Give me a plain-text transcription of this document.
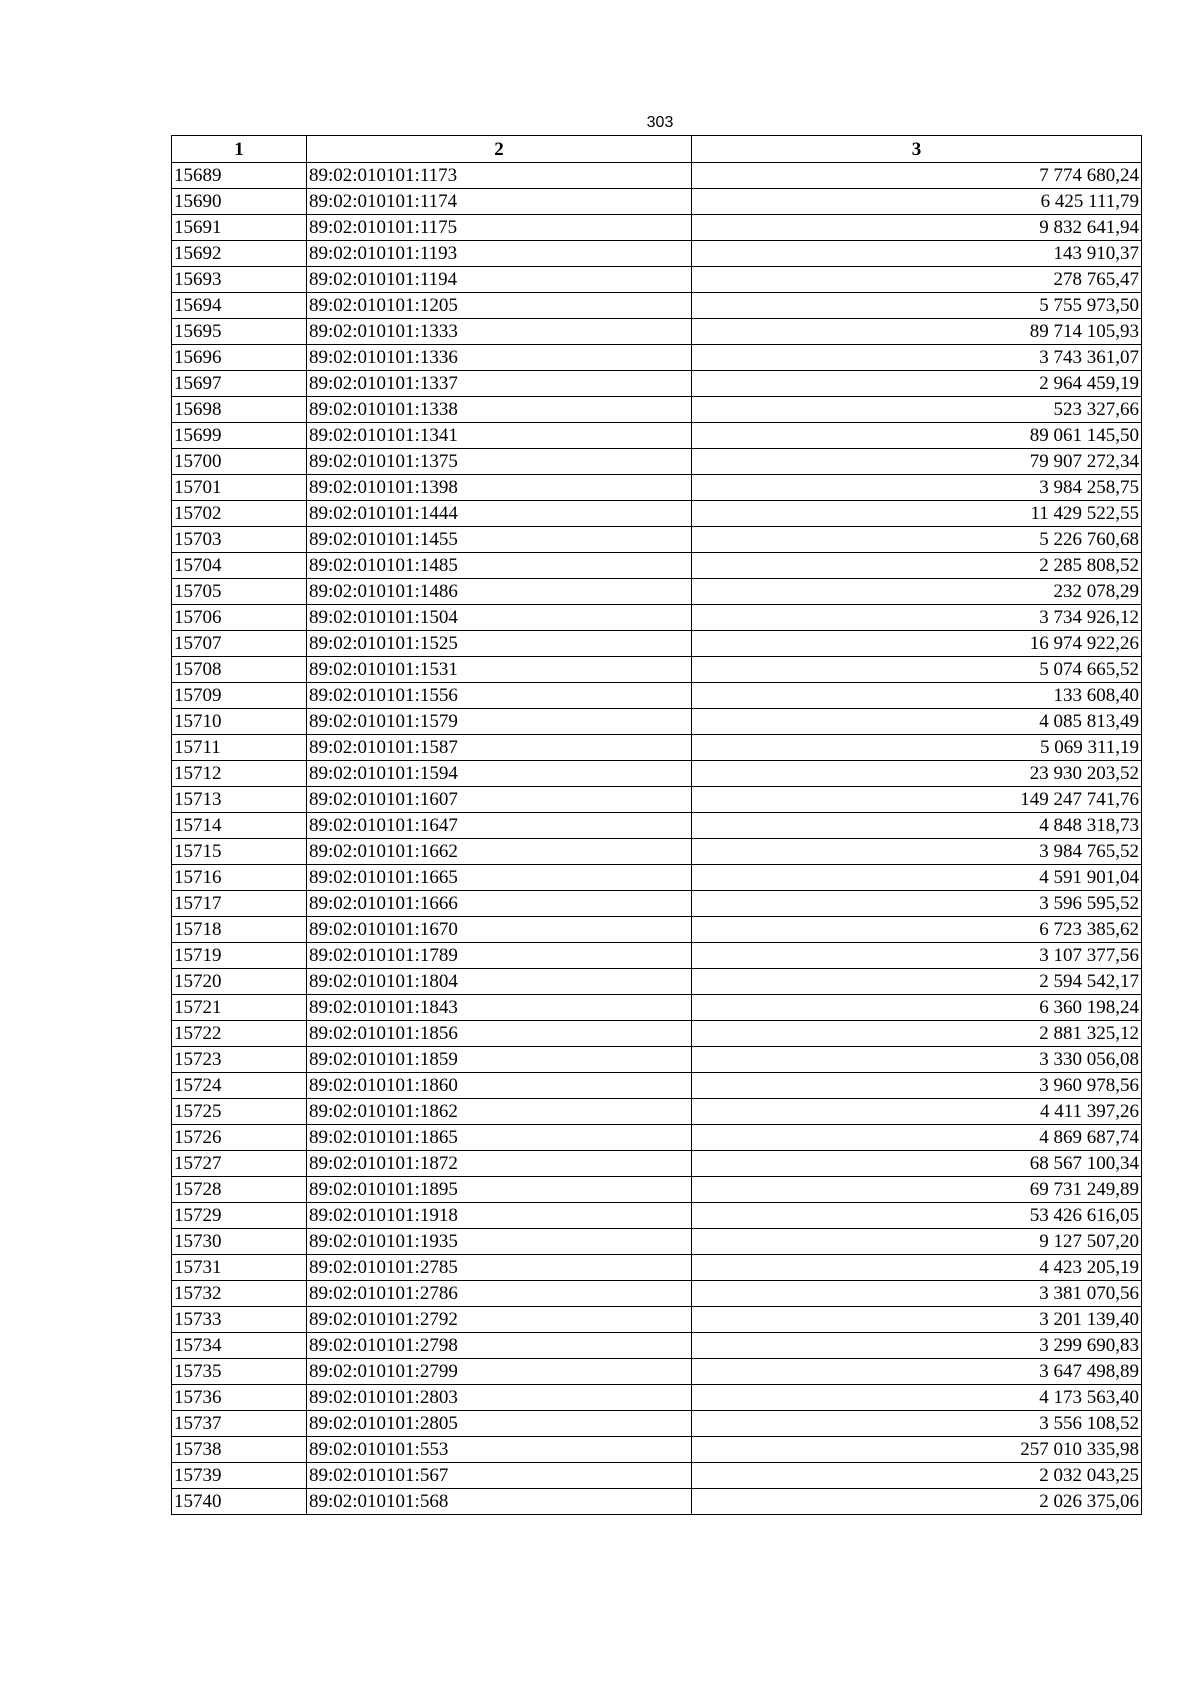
303
1	2	3
15689	89:02:010101:1173	7 774 680,24
15690	89:02:010101:1174	6 425 111,79
15691	89:02:010101:1175	9 832 641,94
15692	89:02:010101:1193	143 910,37
15693	89:02:010101:1194	278 765,47
15694	89:02:010101:1205	5 755 973,50
15695	89:02:010101:1333	89 714 105,93
15696	89:02:010101:1336	3 743 361,07
15697	89:02:010101:1337	2 964 459,19
15698	89:02:010101:1338	523 327,66
15699	89:02:010101:1341	89 061 145,50
15700	89:02:010101:1375	79 907 272,34
15701	89:02:010101:1398	3 984 258,75
15702	89:02:010101:1444	11 429 522,55
15703	89:02:010101:1455	5 226 760,68
15704	89:02:010101:1485	2 285 808,52
15705	89:02:010101:1486	232 078,29
15706	89:02:010101:1504	3 734 926,12
15707	89:02:010101:1525	16 974 922,26
15708	89:02:010101:1531	5 074 665,52
15709	89:02:010101:1556	133 608,40
15710	89:02:010101:1579	4 085 813,49
15711	89:02:010101:1587	5 069 311,19
15712	89:02:010101:1594	23 930 203,52
15713	89:02:010101:1607	149 247 741,76
15714	89:02:010101:1647	4 848 318,73
15715	89:02:010101:1662	3 984 765,52
15716	89:02:010101:1665	4 591 901,04
15717	89:02:010101:1666	3 596 595,52
15718	89:02:010101:1670	6 723 385,62
15719	89:02:010101:1789	3 107 377,56
15720	89:02:010101:1804	2 594 542,17
15721	89:02:010101:1843	6 360 198,24
15722	89:02:010101:1856	2 881 325,12
15723	89:02:010101:1859	3 330 056,08
15724	89:02:010101:1860	3 960 978,56
15725	89:02:010101:1862	4 411 397,26
15726	89:02:010101:1865	4 869 687,74
15727	89:02:010101:1872	68 567 100,34
15728	89:02:010101:1895	69 731 249,89
15729	89:02:010101:1918	53 426 616,05
15730	89:02:010101:1935	9 127 507,20
15731	89:02:010101:2785	4 423 205,19
15732	89:02:010101:2786	3 381 070,56
15733	89:02:010101:2792	3 201 139,40
15734	89:02:010101:2798	3 299 690,83
15735	89:02:010101:2799	3 647 498,89
15736	89:02:010101:2803	4 173 563,40
15737	89:02:010101:2805	3 556 108,52
15738	89:02:010101:553	257 010 335,98
15739	89:02:010101:567	2 032 043,25
15740	89:02:010101:568	2 026 375,06
